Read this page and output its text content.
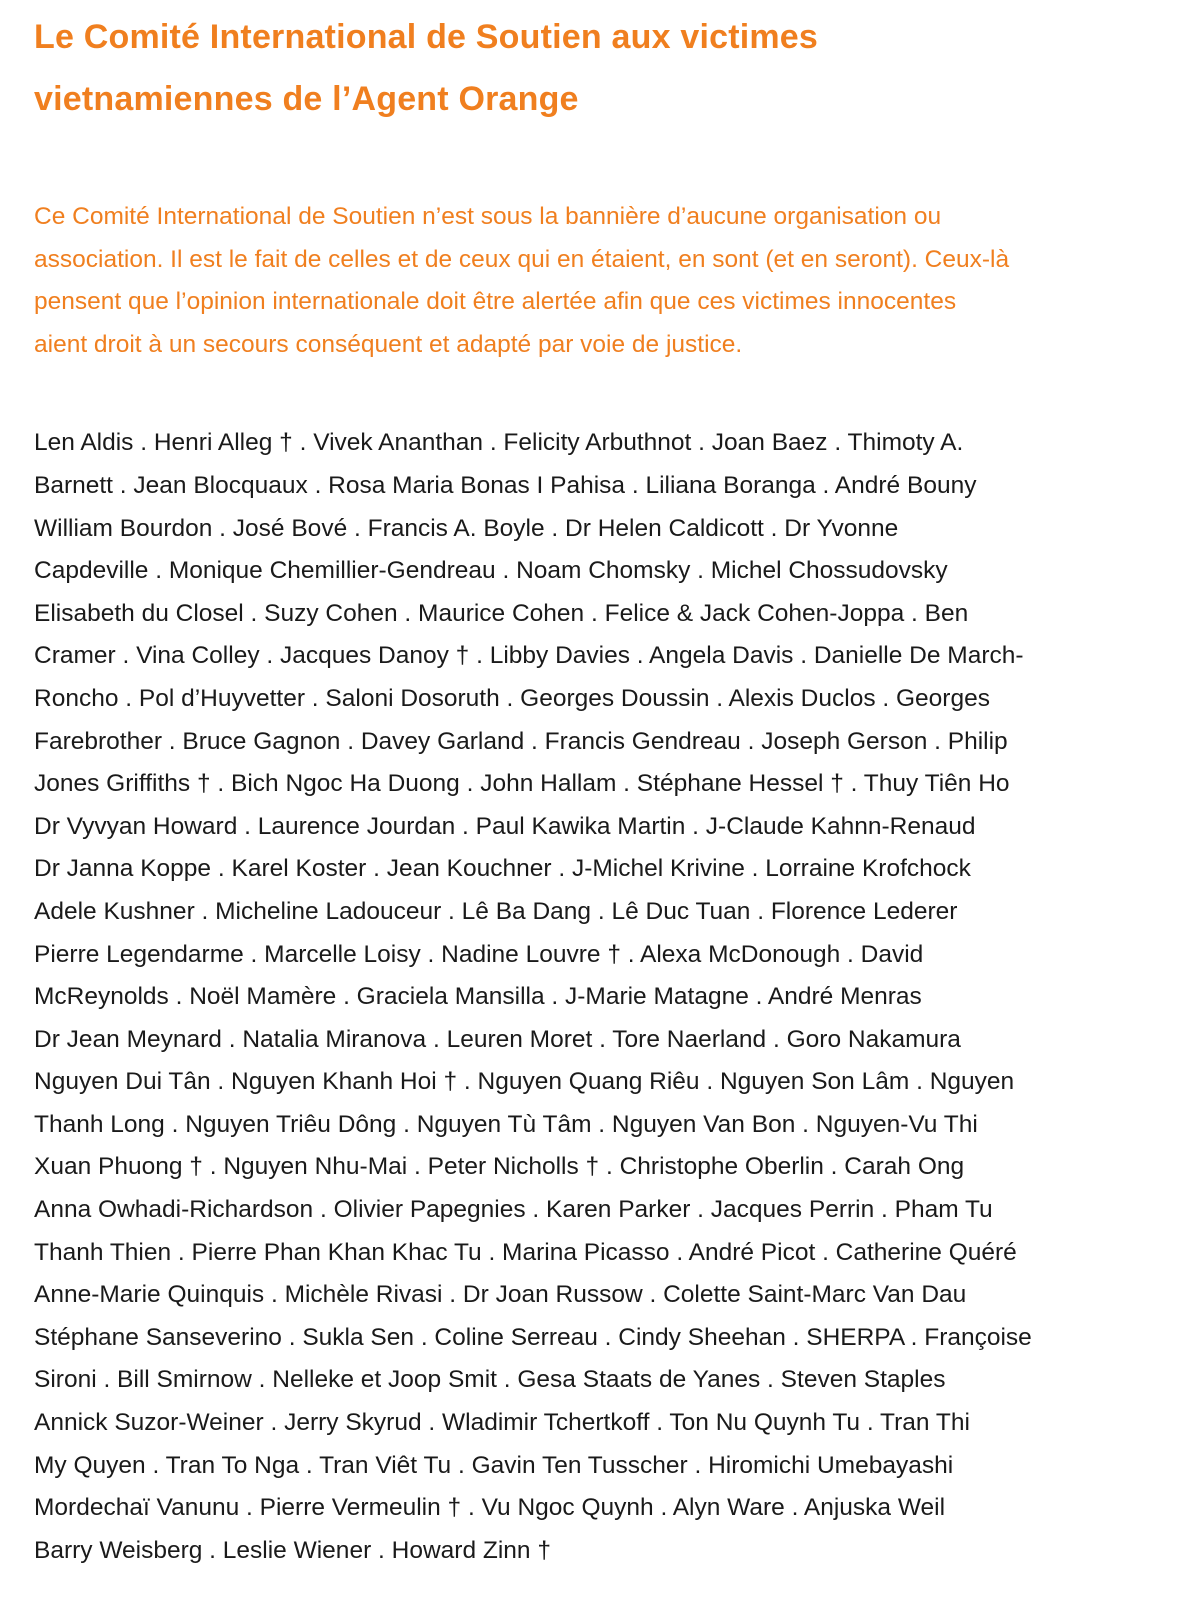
Le Comité International de Soutien aux victimes
vietnamiennes de l’Agent Orange

Ce Comité International de Soutien n’est sous la bannière d’aucune organisation ou
association. Il est le fait de celles et de ceux qui en étaient, en sont (et en seront). Ceux-là
pensent que l’opinion internationale doit être alertée afin que ces victimes innocentes
aient droit à un secours conséquent et adapté par voie de justice.

Len Aldis . Henri Alleg † . Vivek Ananthan . Felicity Arbuthnot . Joan Baez . Thimoty A.
Barnett . Jean Blocquaux . Rosa Maria Bonas I Pahisa . Liliana Boranga . André Bouny
William Bourdon . José Bové . Francis A. Boyle . Dr Helen Caldicott . Dr Yvonne
Capdeville . Monique Chemillier-Gendreau . Noam Chomsky . Michel Chossudovsky
Elisabeth du Closel . Suzy Cohen . Maurice Cohen . Felice & Jack Cohen-Joppa . Ben
Cramer . Vina Colley . Jacques Danoy † . Libby Davies . Angela Davis . Danielle De March-
Roncho . Pol d’Huyvetter . Saloni Dosoruth . Georges Doussin . Alexis Duclos . Georges
Farebrother . Bruce Gagnon . Davey Garland . Francis Gendreau . Joseph Gerson . Philip
Jones Griffiths † . Bich Ngoc Ha Duong . John Hallam . Stéphane Hessel † . Thuy Tiên Ho
Dr Vyvyan Howard . Laurence Jourdan . Paul Kawika Martin . J-Claude Kahnn-Renaud
Dr Janna Koppe . Karel Koster . Jean Kouchner . J-Michel Krivine . Lorraine Krofchock
Adele Kushner . Micheline Ladouceur . Lê Ba Dang . Lê Duc Tuan . Florence Lederer
Pierre Legendarme . Marcelle Loisy . Nadine Louvre † . Alexa McDonough . David
McReynolds . Noël Mamère . Graciela Mansilla . J-Marie Matagne . André Menras
Dr Jean Meynard . Natalia Miranova . Leuren Moret . Tore Naerland . Goro Nakamura
Nguyen Dui Tân . Nguyen Khanh Hoi † . Nguyen Quang Riêu . Nguyen Son Lâm . Nguyen
Thanh Long . Nguyen Triêu Dông . Nguyen Tù Tâm . Nguyen Van Bon . Nguyen-Vu Thi
Xuan Phuong † . Nguyen Nhu-Mai . Peter Nicholls † . Christophe Oberlin . Carah Ong
Anna Owhadi-Richardson . Olivier Papegnies . Karen Parker . Jacques Perrin . Pham Tu
Thanh Thien . Pierre Phan Khan Khac Tu . Marina Picasso . André Picot . Catherine Quéré
Anne-Marie Quinquis . Michèle Rivasi . Dr Joan Russow . Colette Saint-Marc Van Dau
Stéphane Sanseverino . Sukla Sen . Coline Serreau . Cindy Sheehan . SHERPA . Françoise
Sironi . Bill Smirnow . Nelleke et Joop Smit . Gesa Staats de Yanes . Steven Staples
Annick Suzor-Weiner . Jerry Skyrud . Wladimir Tchertkoff . Ton Nu Quynh Tu . Tran Thi
My Quyen . Tran To Nga . Tran Viêt Tu . Gavin Ten Tusscher . Hiromichi Umebayashi
Mordechaï Vanunu . Pierre Vermeulin † . Vu Ngoc Quynh . Alyn Ware . Anjuska Weil
Barry Weisberg . Leslie Wiener . Howard Zinn †
